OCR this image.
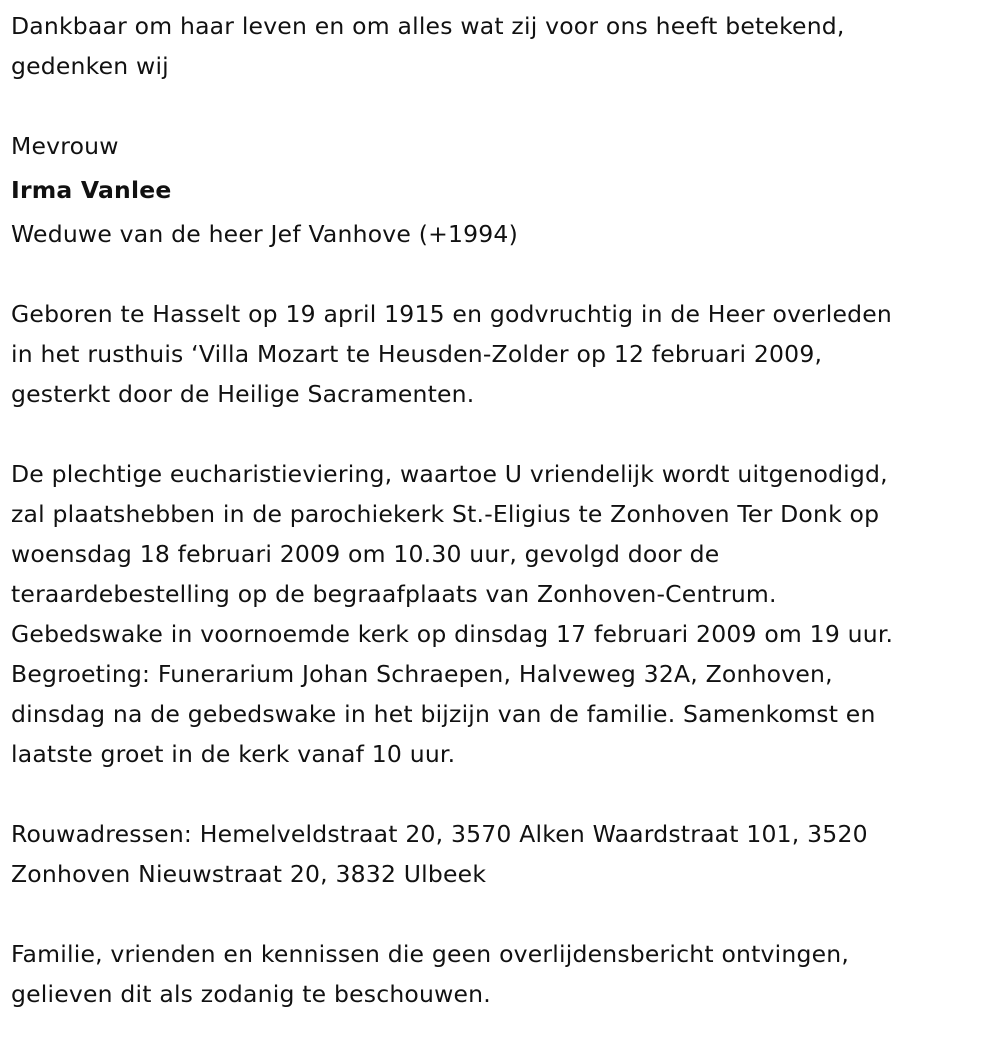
Dankbaar om haar leven en om alles wat zij voor ons heeft betekend,

gedenken wij

Mevrouw

Irma Vanlee

Weduwe van de heer Jef Vanhove (+1994)

Geboren te Hasselt op 19 april 1915 en godvruchtig in de Heer overleden

in het rusthuis ‘Villa Mozart te Heusden-Zolder op 12 februari 2009,

gesterkt door de Heilige Sacramenten.

De plechtige eucharistieviering, waartoe U vriendelijk wordt uitgenodigd,

zal plaatshebben in de parochiekerk St.-Eligius te Zonhoven Ter Donk op

woensdag 18 februari 2009 om 10.30 uur, gevolgd door de

teraardebestelling op de begraafplaats van Zonhoven-Centrum.

Gebedswake in voornoemde kerk op dinsdag 17 februari 2009 om 19 uur.

Begroeting: Funerarium Johan Schraepen, Halveweg 32A, Zonhoven,

dinsdag na de gebedswake in het bijzijn van de familie. Samenkomst en

laatste groet in de kerk vanaf 10 uur.

Rouwadressen: Hemelveldstraat 20, 3570 Alken Waardstraat 101, 3520

Zonhoven Nieuwstraat 20, 3832 Ulbeek

Familie, vrienden en kennissen die geen overlijdensbericht ontvingen,

gelieven dit als zodanig te beschouwen.
